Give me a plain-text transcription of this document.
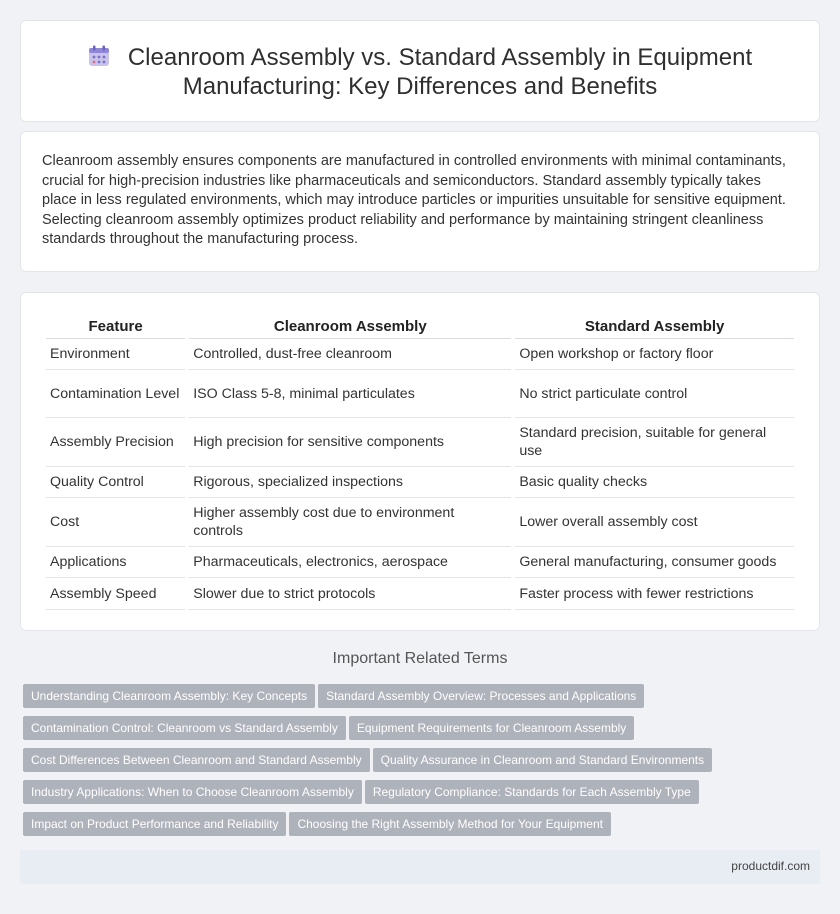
Cleanroom Assembly vs. Standard Assembly in Equipment
Manufacturing: Key Differences and Benefits

Cleanroom assembly ensures components are manufactured in controlled environments with minimal contaminants, crucial for high-precision industries like pharmaceuticals and semiconductors. Standard assembly typically takes place in less regulated environments, which may introduce particles or impurities unsuitable for sensitive equipment. Selecting cleanroom assembly optimizes product reliability and performance by maintaining stringent cleanliness standards throughout the manufacturing process.

Feature	Cleanroom Assembly	Standard Assembly
Environment	Controlled, dust-free cleanroom	Open workshop or factory floor
Contamination Level	ISO Class 5-8, minimal particulates	No strict particulate control
Assembly Precision	High precision for sensitive components	Standard precision, suitable for general use
Quality Control	Rigorous, specialized inspections	Basic quality checks
Cost	Higher assembly cost due to environment controls	Lower overall assembly cost
Applications	Pharmaceuticals, electronics, aerospace	General manufacturing, consumer goods
Assembly Speed	Slower due to strict protocols	Faster process with fewer restrictions
Important Related Terms
Understanding Cleanroom Assembly: Key Concepts Standard Assembly Overview: Processes and Applications
Contamination Control: Cleanroom vs Standard Assembly Equipment Requirements for Cleanroom Assembly
Cost Differences Between Cleanroom and Standard Assembly Quality Assurance in Cleanroom and Standard Environments
Industry Applications: When to Choose Cleanroom Assembly Regulatory Compliance: Standards for Each Assembly Type
Impact on Product Performance and Reliability Choosing the Right Assembly Method for Your Equipment
productdif.com
